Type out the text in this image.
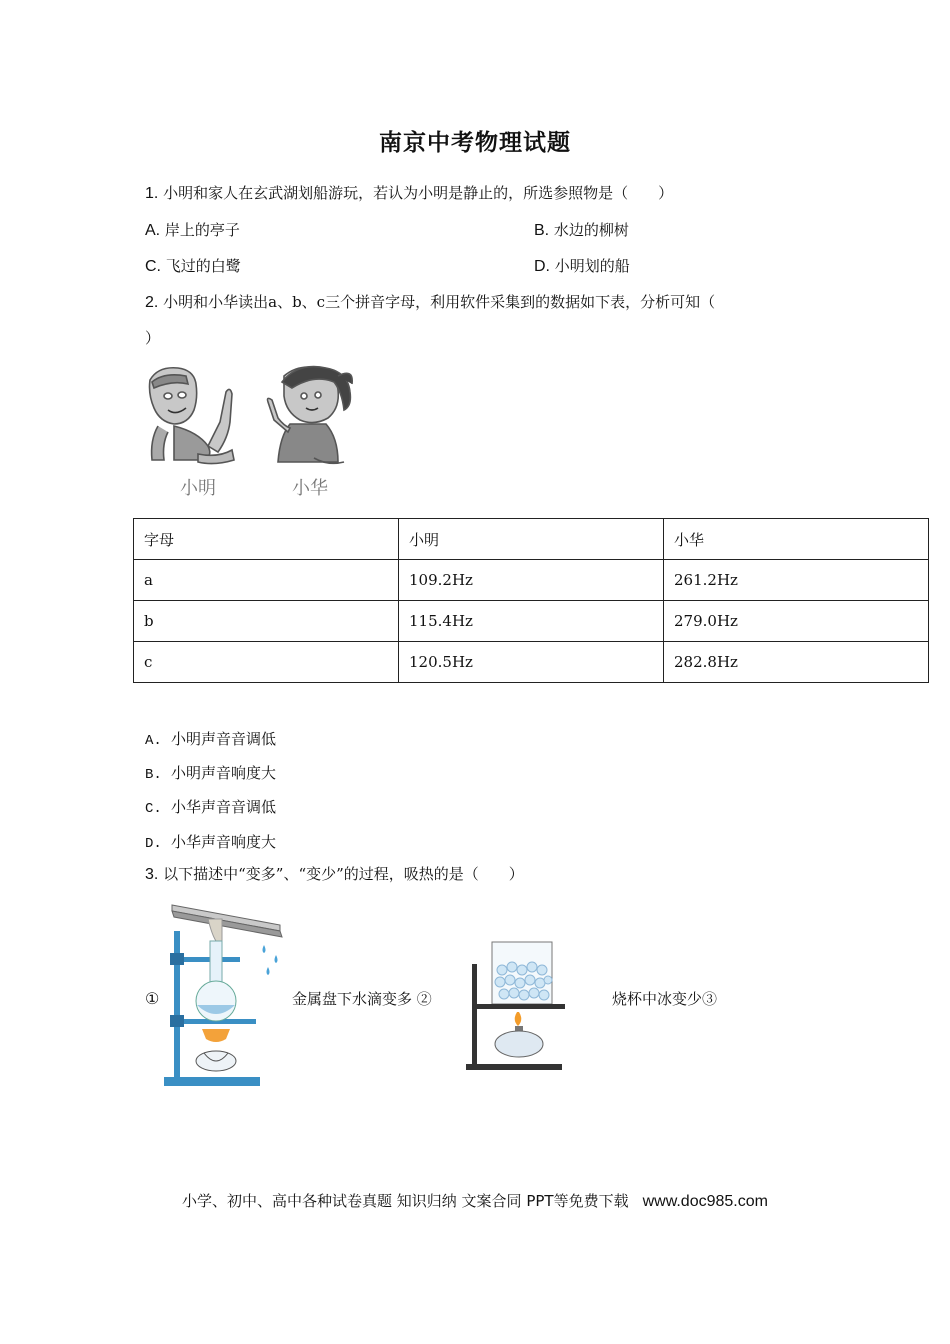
南京中考物理试题
1. 小明和家人在玄武湖划船游玩，若认为小明是静止的，所选参照物是（　　）
A. 岸上的亭子	B. 水边的柳树
C. 飞过的白鹭	D. 小明划的船
2. 小明和小华读出a、b、c三个拼音字母，利用软件采集到的数据如下表，分析可知（
）
小明	小华
字母	小明	小华
a	109.2Hz	261.2Hz
b	115.4Hz	279.0Hz
c	120.5Hz	282.8Hz
A. 小明声音音调低
B. 小明声音响度大
C. 小华声音音调低
D. 小华声音响度大
3. 以下描述中“变多”、“变少”的过程，吸热的是（　　）
①	金属盘下水滴变多 ②	烧杯中冰变少③
小学、初中、高中各种试卷真题 知识归纳 文案合同 PPT等免费下载 www.doc985.com
